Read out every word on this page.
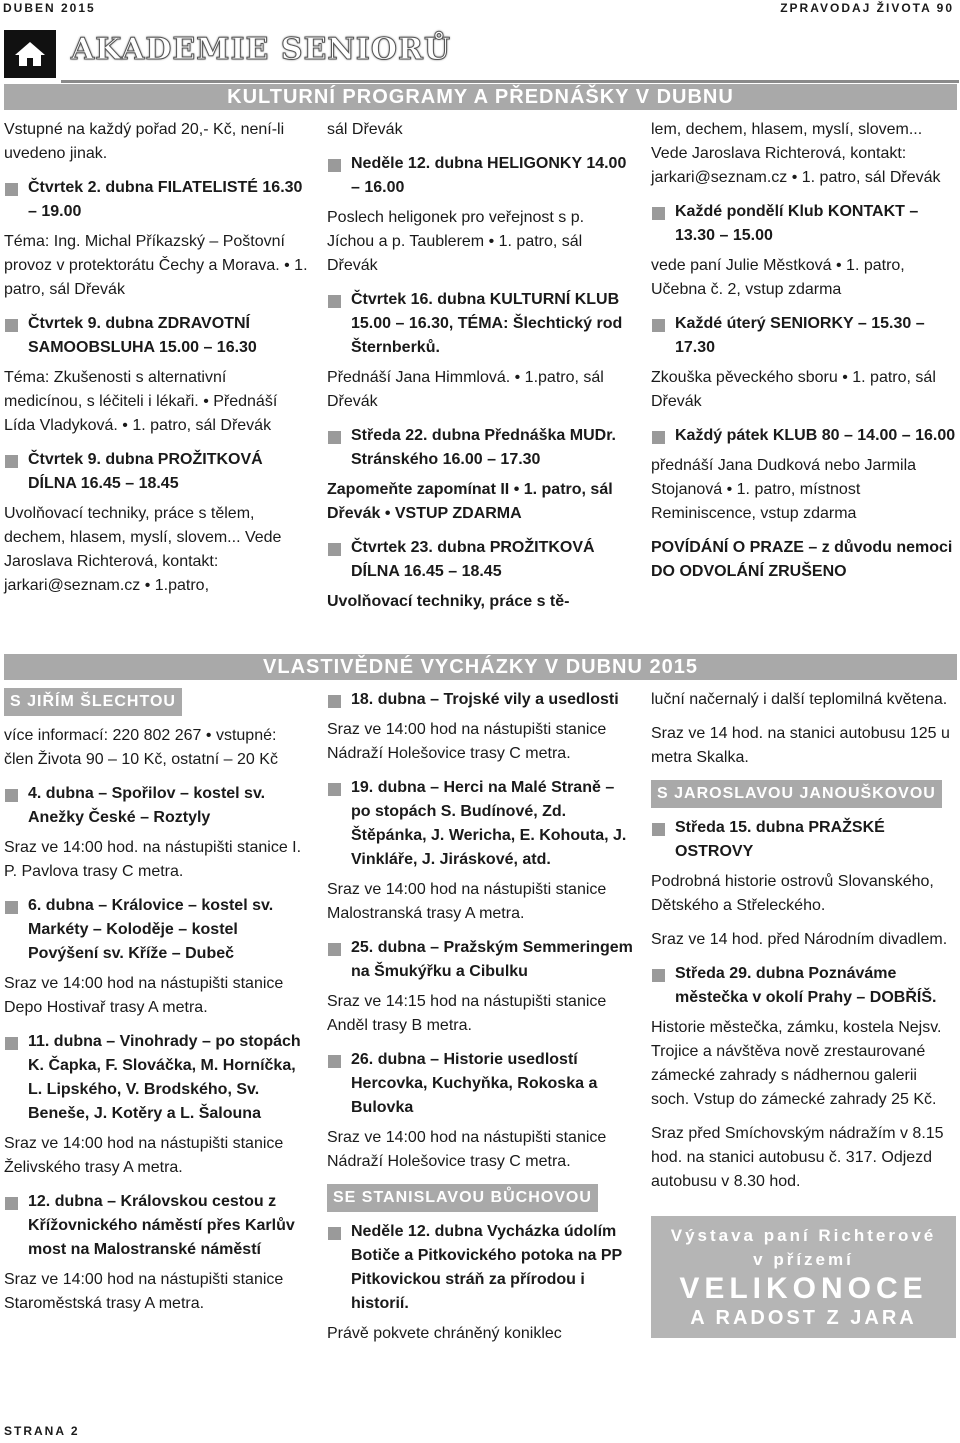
DUBEN 2015	ZPRAVODAJ ŽIVOTA 90
AKADEMIE SENIORŮ
KULTURNÍ PROGRAMY A PŘEDNÁŠKY V DUBNU

Vstupné na každý pořad 20,- Kč, není-li uvedeno jinak.

Čtvrtek 2. dubna FILATELISTÉ 16.30 – 19.00

Téma: Ing. Michal Příkazský – Poštovní provoz v protektorátu Čechy a Morava. • 1. patro, sál Dřevák

Čtvrtek 9. dubna ZDRAVOTNÍ SAMOOBSLUHA 15.00 – 16.30

Téma: Zkušenosti s alternativní medicínou, s léčiteli i lékaři. • Přednáší Lída Vladyková. • 1. patro, sál Dřevák

Čtvrtek 9. dubna PROŽITKOVÁ DÍLNA 16.45 – 18.45

Uvolňovací techniky, práce s tělem, dechem, hlasem, myslí, slovem... Vede Jaroslava Richterová, kontakt: jarkari@seznam.cz • 1.patro,

sál Dřevák

Neděle 12. dubna HELIGONKY 14.00 – 16.00

Poslech heligonek pro veřejnost s p. Jíchou a p. Taublerem • 1. patro, sál Dřevák

Čtvrtek 16. dubna KULTURNÍ KLUB 15.00 – 16.30, TÉMA: Šlechtický rod Šternberků.

Přednáší Jana Himmlová. • 1.patro, sál Dřevák

Středa 22. dubna Přednáška MUDr. Stránského 16.00 – 17.30

Zapomeňte zapomínat II • 1. patro, sál Dřevák • VSTUP ZDARMA

Čtvrtek 23. dubna PROŽITKOVÁ DÍLNA 16.45 – 18.45

Uvolňovací techniky, práce s tě-

lem, dechem, hlasem, myslí, slovem... Vede Jaroslava Richterová, kontakt: jarkari@seznam.cz • 1. patro, sál Dřevák

Každé pondělí Klub KONTAKT – 13.30 – 15.00

vede paní Julie Městková • 1. patro, Učebna č. 2, vstup zdarma

Každé úterý SENIORKY – 15.30 – 17.30

Zkouška pěveckého sboru • 1. patro, sál Dřevák

Každý pátek KLUB 80 – 14.00 – 16.00

přednáší Jana Dudková nebo Jarmila Stojanová • 1. patro, místnost Reminiscence, vstup zdarma

POVÍDÁNÍ O PRAZE – z důvodu nemoci DO ODVOLÁNÍ ZRUŠENO

VLASTIVĚDNÉ VYCHÁZKY V DUBNU 2015
S JIŘÍM ŠLECHTOU

více informací: 220 802 267 • vstupné: člen Života 90 – 10 Kč, ostatní – 20 Kč

4. dubna – Spořilov – kostel sv. Anežky České – Roztyly

Sraz ve 14:00 hod. na nástupišti stanice I. P. Pavlova trasy C metra.

6. dubna – Královice – kostel sv. Markéty – Koloděje – kostel Povýšení sv. Kříže – Dubeč

Sraz ve 14:00 hod na nástupišti stanice Depo Hostivař trasy A metra.

11. dubna – Vinohrady – po stopách K. Čapka, F. Slováčka, M. Horníčka, L. Lipského, V. Brodského, Sv. Beneše, J. Kotěry a L. Šalouna

Sraz ve 14:00 hod na nástupišti stanice Želivského trasy A metra.

12. dubna – Královskou cestou z Křížovnického náměstí přes Karlův most na Malostranské náměstí

Sraz ve 14:00 hod na nástupišti stanice Staroměstská trasy A metra.

18. dubna – Trojské vily a usedlosti

Sraz ve 14:00 hod na nástupišti stanice Nádraží Holešovice trasy C metra.

19. dubna – Herci na Malé Straně – po stopách S. Budínové, Zd. Štěpánka, J. Wericha, E. Kohouta, J. Vinkláře, J. Jiráskové, atd.

Sraz ve 14:00 hod na nástupišti stanice Malostranská trasy A metra.

25. dubna – Pražským Semmeringem na Šmukýřku a Cibulku

Sraz ve 14:15 hod na nástupišti stanice Anděl trasy B metra.

26. dubna – Historie usedlostí Hercovka, Kuchyňka, Rokoska a Bulovka

Sraz ve 14:00 hod na nástupišti stanice Nádraží Holešovice trasy C metra.

SE STANISLAVOU BŮCHOVOU
Neděle 12. dubna Vycházka údolím Botiče a Pitkovického potoka na PP Pitkovickou stráň za přírodou i historií.

Právě pokvete chráněný koniklec

luční načernalý i další teplomilná květena.

Sraz ve 14 hod. na stanici autobusu 125 u metra Skalka.

S JAROSLAVOU JANOUŠKOVOU
Středa 15. dubna PRAŽSKÉ OSTROVY

Podrobná historie ostrovů Slovanského, Dětského a Střeleckého.

Sraz ve 14 hod. před Národním divadlem.

Středa 29. dubna Poznáváme městečka v okolí Prahy – DOBŘÍŠ.

Historie městečka, zámku, kostela Nejsv. Trojice a návštěva nově zrestaurované zámecké zahrady s nádhernou galerii soch. Vstup do zámecké zahrady 25 Kč.

Sraz před Smíchovským nádražím v 8.15 hod. na stanici autobusu č. 317. Odjezd autobusu v 8.30 hod.

Výstava paní Richterové
v přízemí
VELIKONOCE
A RADOST Z JARA
STRANA 2
